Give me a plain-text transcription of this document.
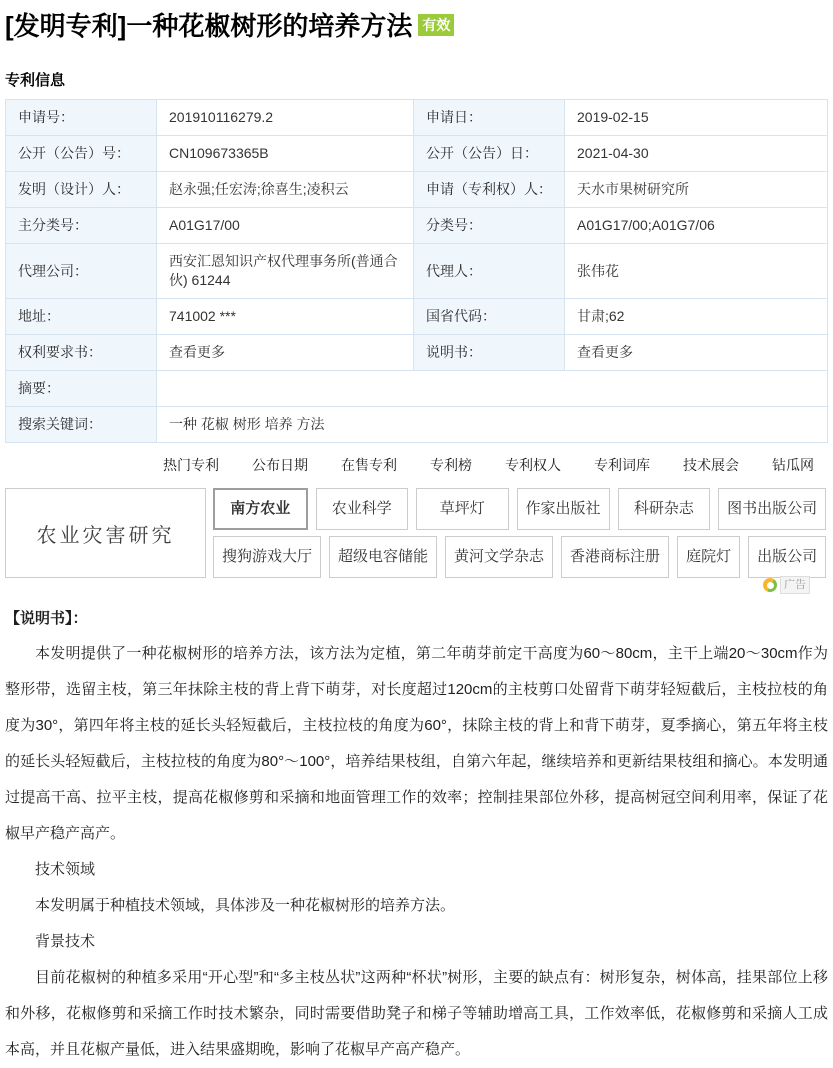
[发明专利]一种花椒树形的培养方法 有效
专利信息
申请号：	201910116279.2	申请日：	2019-02-15
公开（公告）号：	CN109673365B	公开（公告）日：	2021-04-30
发明（设计）人：	赵永强;任宏涛;徐喜生;凌积云	申请（专利权）人：	天水市果树研究所
主分类号：	A01G17/00	分类号：	A01G17/00;A01G7/06
代理公司：	西安汇恩知识产权代理事务所(普通合伙) 61244	代理人：	张伟花
地址：	741002 ***	国省代码：	甘肃;62
权利要求书：	查看更多	说明书：	查看更多
摘要：			
搜索关键词：	一种 花椒 树形 培养 方法		
热门专利 公布日期 在售专利 专利榜 专利权人 专利词库 技术展会 钻瓜网
农业灾害研究
南方农业	农业科学	草坪灯	作家出版社	科研杂志	图书出版公司
搜狗游戏大厅	超级电容储能	黄河文学杂志	香港商标注册	庭院灯	出版公司
广告
【说明书】：

本发明提供了一种花椒树形的培养方法，该方法为定植，第二年萌芽前定干高度为60～80cm，主干上端20～30cm作为整形带，选留主枝，第三年抹除主枝的背上背下萌芽，对长度超过120cm的主枝剪口处留背下萌芽轻短截后，主枝拉枝的角度为30°，第四年将主枝的延长头轻短截后，主枝拉枝的角度为60°，抹除主枝的背上和背下萌芽，夏季摘心，第五年将主枝的延长头轻短截后，主枝拉枝的角度为80°～100°，培养结果枝组，自第六年起，继续培养和更新结果枝组和摘心。本发明通过提高干高、拉平主枝，提高花椒修剪和采摘和地面管理工作的效率；控制挂果部位外移，提高树冠空间利用率，保证了花椒早产稳产高产。

技术领域

本发明属于种植技术领域，具体涉及一种花椒树形的培养方法。

背景技术

目前花椒树的种植多采用“开心型”和“多主枝丛状”这两种“杯状”树形，主要的缺点有：树形复杂，树体高，挂果部位上移和外移，花椒修剪和采摘工作时技术繁杂，同时需要借助凳子和梯子等辅助增高工具，工作效率低，花椒修剪和采摘人工成本高，并且花椒产量低，进入结果盛期晚，影响了花椒早产高产稳产。
